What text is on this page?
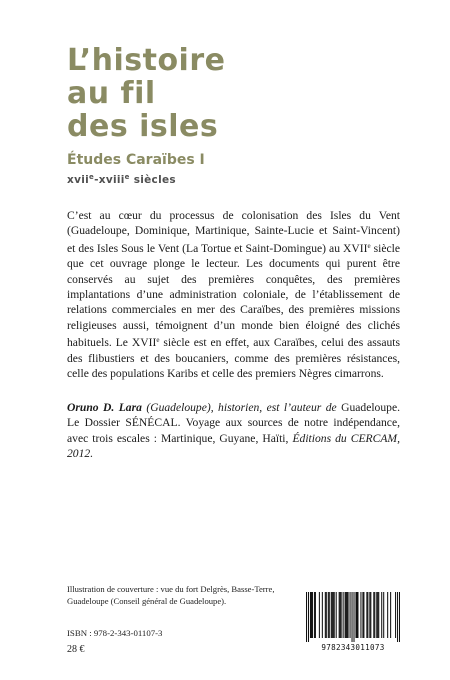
L’histoire
au fil
des isles
Études Caraïbes I
xvii$^e$-xviii$^e$ siècles

C’est au cœur du processus de colonisation des Isles du Vent (Guadeloupe, Dominique, Martinique, Sainte-Lucie et Saint-Vincent) et des Isles Sous le Vent (La Tortue et Saint-Domingue) au XVIIe siècle que cet ouvrage plonge le lecteur. Les documents qui purent être conservés au sujet des premières conquêtes, des premières implantations d’une administration coloniale, de l’établissement de relations commerciales en mer des Caraïbes, des premières missions religieuses aussi, témoignent d’un monde bien éloigné des clichés habituels. Le XVIIe siècle est en effet, aux Caraïbes, celui des assauts des flibustiers et des boucaniers, comme des premières résistances, celle des populations Karibs et celle des premiers Nègres cimarrons.

Oruno D. Lara (Guadeloupe), historien, est l’auteur de Guadeloupe. Le Dossier SÉNÉCAL. Voyage aux sources de notre indépendance, avec trois escales : Martinique, Guyane, Haïti, Éditions du CERCAM, 2012.

Illustration de couverture : vue du fort Delgrès, Basse-Terre, Guadeloupe (Conseil général de Guadeloupe).

ISBN : 978-2-343-01107-3
28 €	9782343011073
